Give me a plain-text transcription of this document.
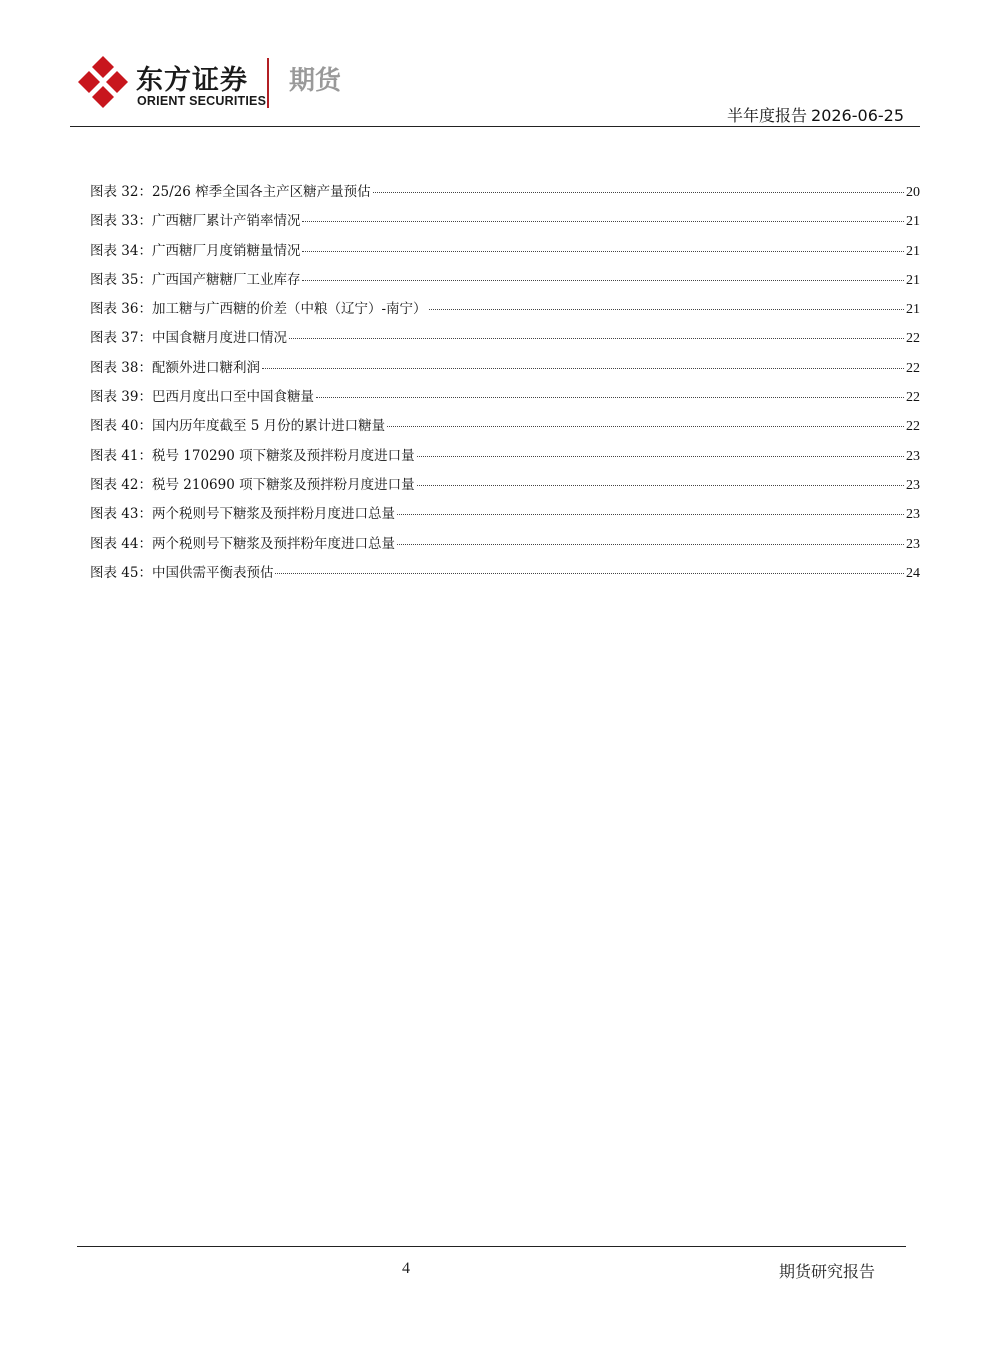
东方证券
ORIENT SECURITIES
期货
半年度报告 2026-06-25
图表 32：25/26 榨季全国各主产区糖产量预估	20
图表 33：广西糖厂累计产销率情况	21
图表 34：广西糖厂月度销糖量情况	21
图表 35：广西国产糖糖厂工业库存	21
图表 36：加工糖与广西糖的价差（中粮（辽宁）-南宁）	21
图表 37：中国食糖月度进口情况	22
图表 38：配额外进口糖利润	22
图表 39：巴西月度出口至中国食糖量	22
图表 40：国内历年度截至 5 月份的累计进口糖量	22
图表 41：税号 170290 项下糖浆及预拌粉月度进口量	23
图表 42：税号 210690 项下糖浆及预拌粉月度进口量	23
图表 43：两个税则号下糖浆及预拌粉月度进口总量	23
图表 44：两个税则号下糖浆及预拌粉年度进口总量	23
图表 45：中国供需平衡表预估	24
4	期货研究报告
